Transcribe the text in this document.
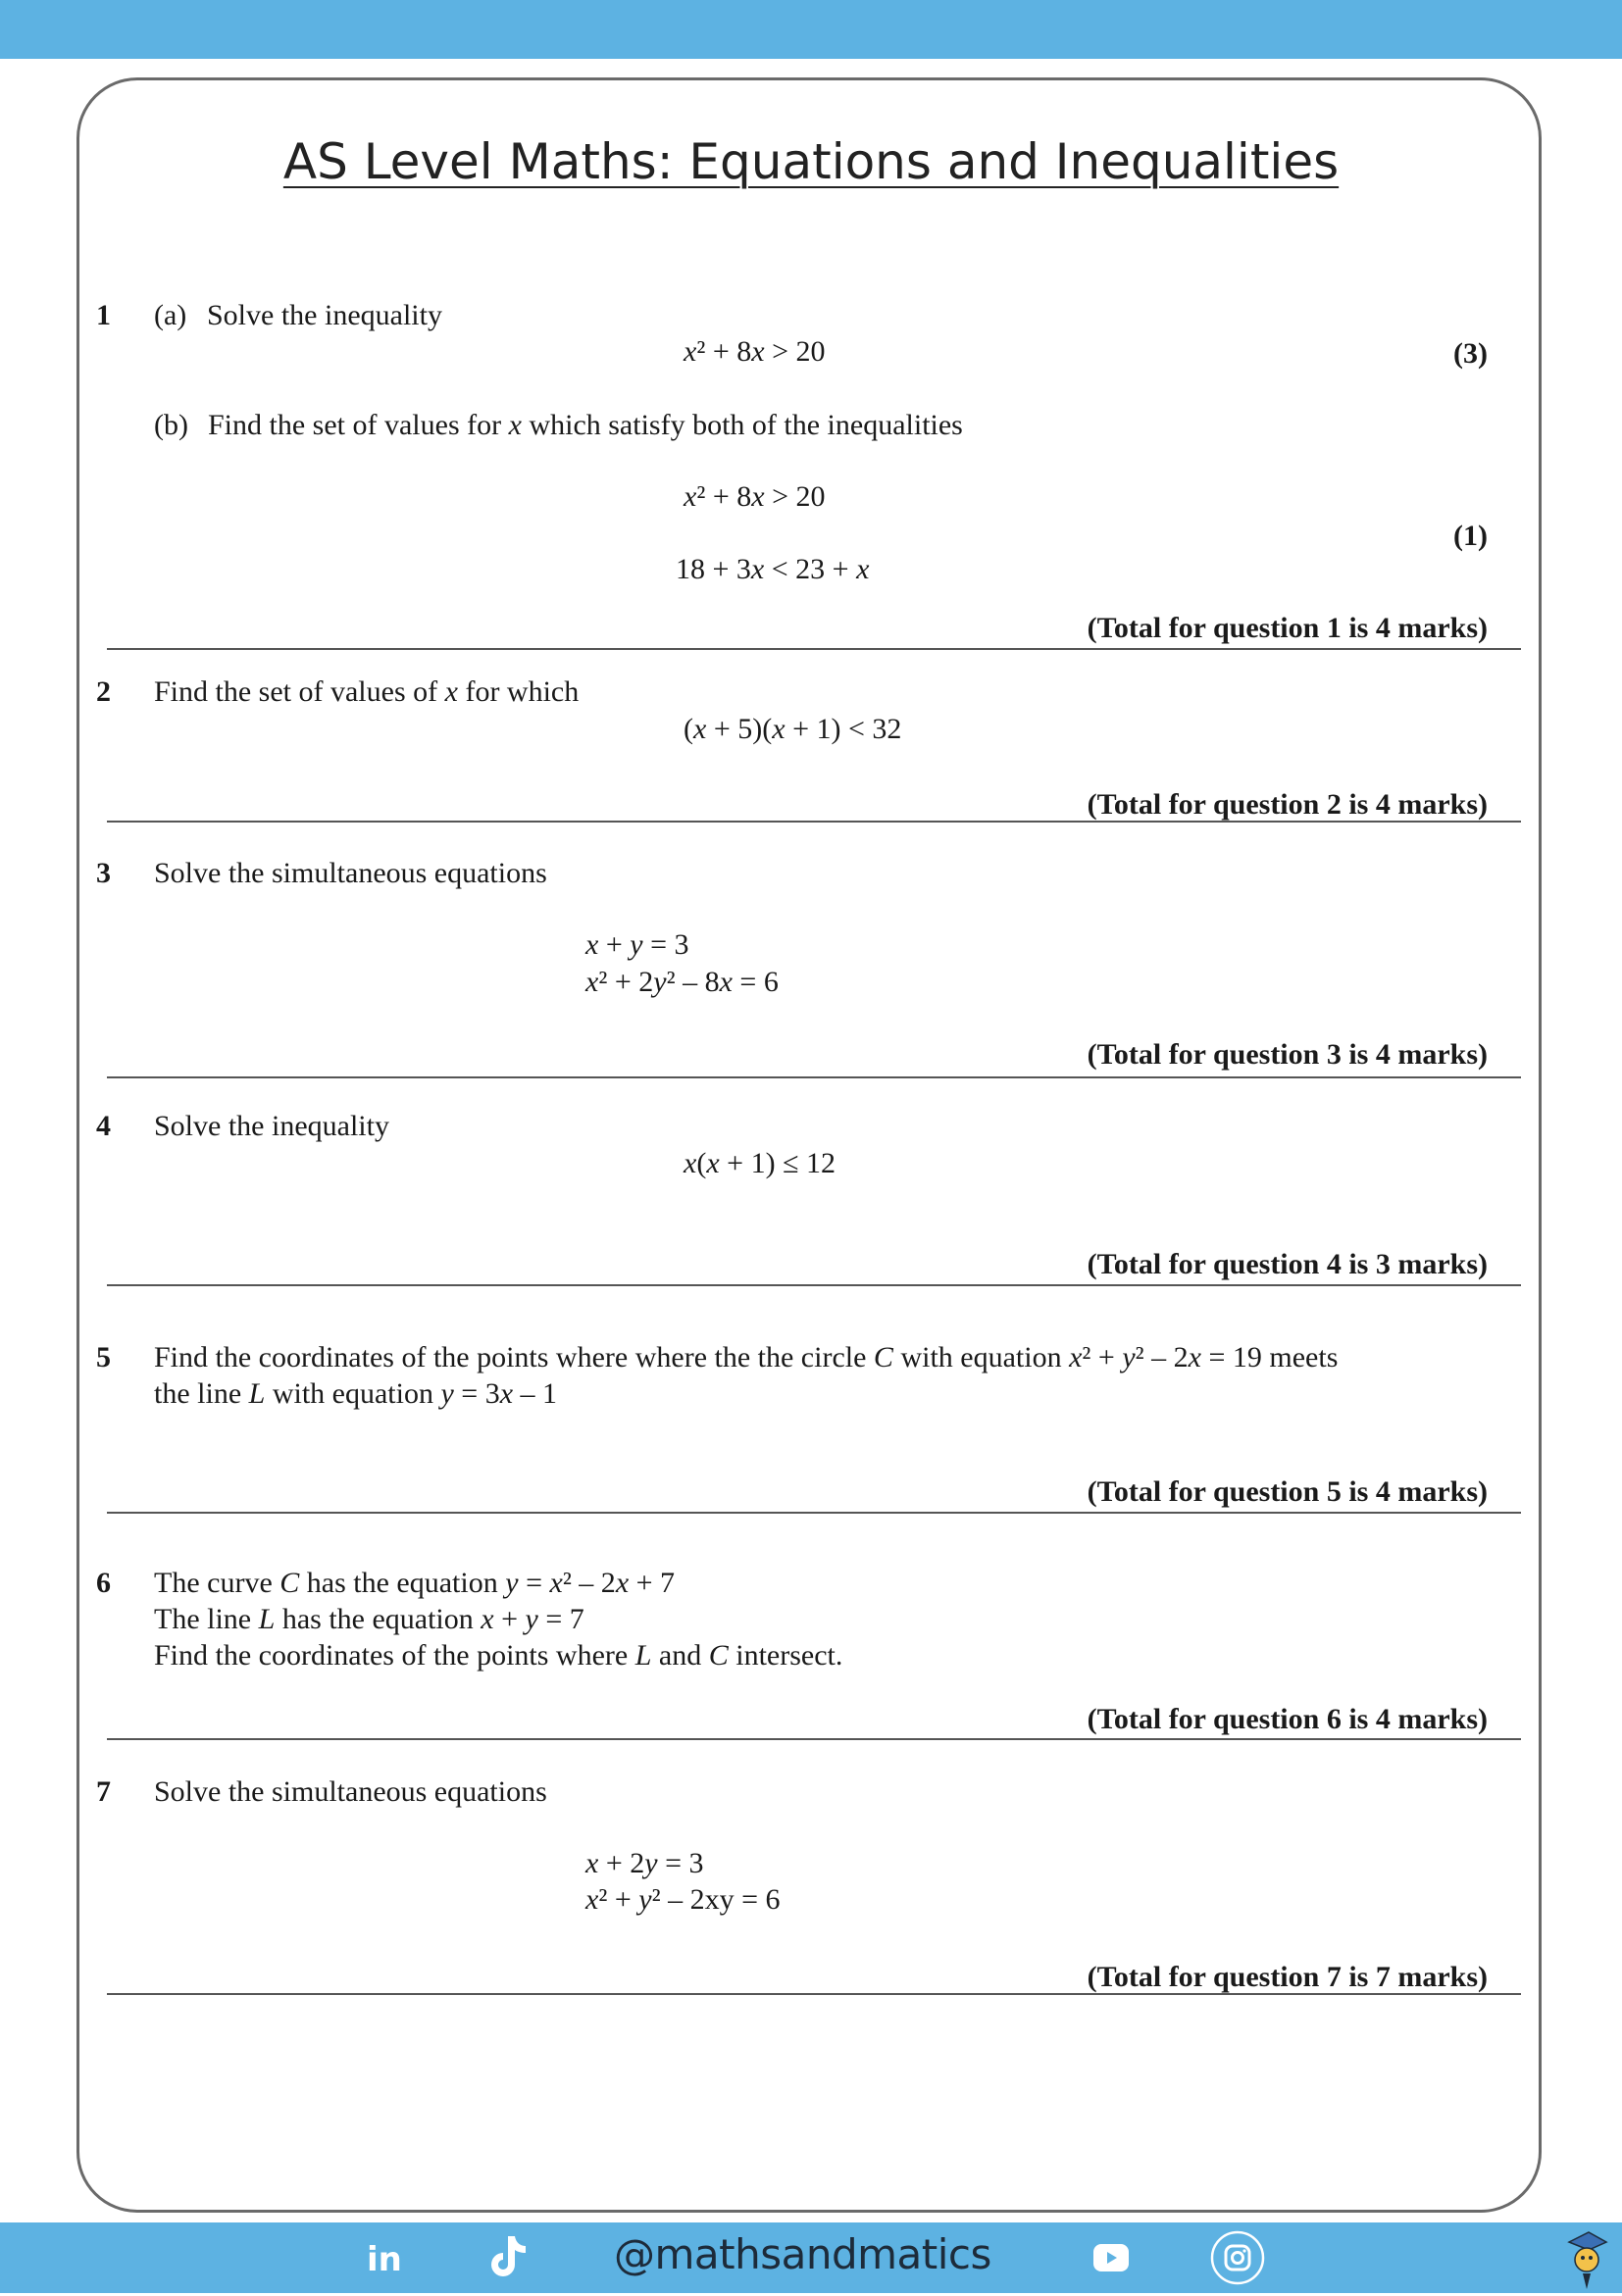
AS Level Maths: Equations and Inequalities
1 (a) Solve the inequality
x² + 8x > 20	(3)
(b) Find the set of values for x which satisfy both of the inequalities
x² + 8x > 20
(1)
18 + 3x < 23 + x
(Total for question 1 is 4 marks)
2 Find the set of values of x for which
(x + 5)(x + 1) < 32
(Total for question 2 is 4 marks)
3 Solve the simultaneous equations
x + y = 3
x² + 2y² – 8x = 6
(Total for question 3 is 4 marks)
4 Solve the inequality
x(x + 1) ≤ 12
(Total for question 4 is 3 marks)
5 Find the coordinates of the points where where the the circle C with equation x² + y² – 2x = 19 meets
the line L with equation y = 3x – 1
(Total for question 5 is 4 marks)
6 The curve C has the equation y = x² – 2x + 7
The line L has the equation x + y = 7
Find the coordinates of the points where L and C intersect.
(Total for question 6 is 4 marks)
7 Solve the simultaneous equations
x + 2y = 3
x² + y² – 2xy = 6
(Total for question 7 is 7 marks)
in	@mathsandmatics
